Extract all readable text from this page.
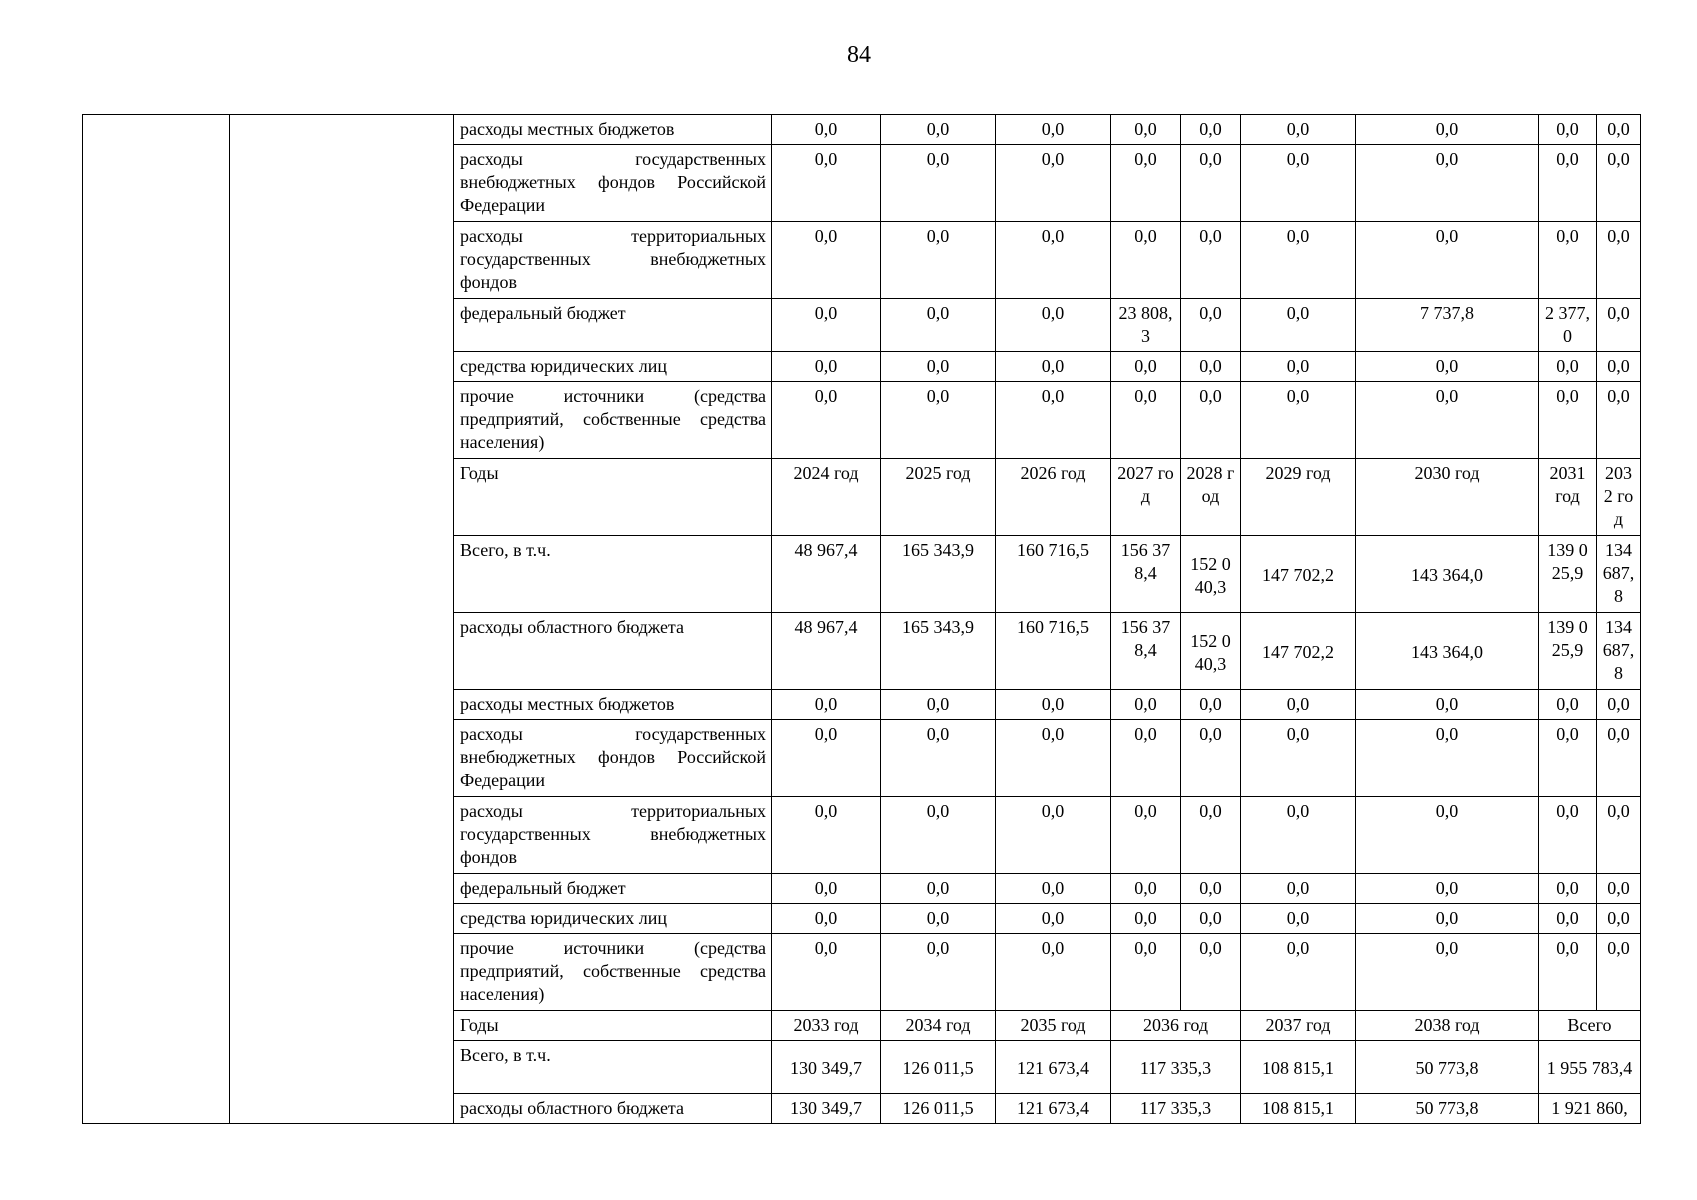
84
		расходы местных бюджетов	0,0	0,0	0,0	0,0	0,0	0,0	0,0	0,0	0,0
		расходы государственных внебюджетных фондов Российской Федерации	0,0	0,0	0,0	0,0	0,0	0,0	0,0	0,0	0,0
		расходы территориальных государственных внебюджетных фондов	0,0	0,0	0,0	0,0	0,0	0,0	0,0	0,0	0,0
		федеральный бюджет	0,0	0,0	0,0	23 808,3	0,0	0,0	7 737,8	2 377,0	0,0
		средства юридических лиц	0,0	0,0	0,0	0,0	0,0	0,0	0,0	0,0	0,0
		прочие источники (средства предприятий, собственные средства населения)	0,0	0,0	0,0	0,0	0,0	0,0	0,0	0,0	0,0
		Годы	2024 год	2025 год	2026 год	2027 год	2028 год	2029 год	2030 год	2031 год	2032 год
		Всего, в т.ч.	48 967,4	165 343,9	160 716,5	156 378,4	152 040,3	147 702,2	143 364,0	139 025,9	134 687,8
		расходы областного бюджета	48 967,4	165 343,9	160 716,5	156 378,4	152 040,3	147 702,2	143 364,0	139 025,9	134 687,8
		расходы местных бюджетов	0,0	0,0	0,0	0,0	0,0	0,0	0,0	0,0	0,0
		расходы государственных внебюджетных фондов Российской Федерации	0,0	0,0	0,0	0,0	0,0	0,0	0,0	0,0	0,0
		расходы территориальных государственных внебюджетных фондов	0,0	0,0	0,0	0,0	0,0	0,0	0,0	0,0	0,0
		федеральный бюджет	0,0	0,0	0,0	0,0	0,0	0,0	0,0	0,0	0,0
		средства юридических лиц	0,0	0,0	0,0	0,0	0,0	0,0	0,0	0,0	0,0
		прочие источники (средства предприятий, собственные средства населения)	0,0	0,0	0,0	0,0	0,0	0,0	0,0	0,0	0,0
		Годы	2033 год	2034 год	2035 год	2036 год		2037 год	2038 год	Всего	
		Всего, в т.ч.	130 349,7	126 011,5	121 673,4	117 335,3		108 815,1	50 773,8	1 955 783,4	
		расходы областного бюджета	130 349,7	126 011,5	121 673,4	117 335,3		108 815,1	50 773,8	1 921 860,	
